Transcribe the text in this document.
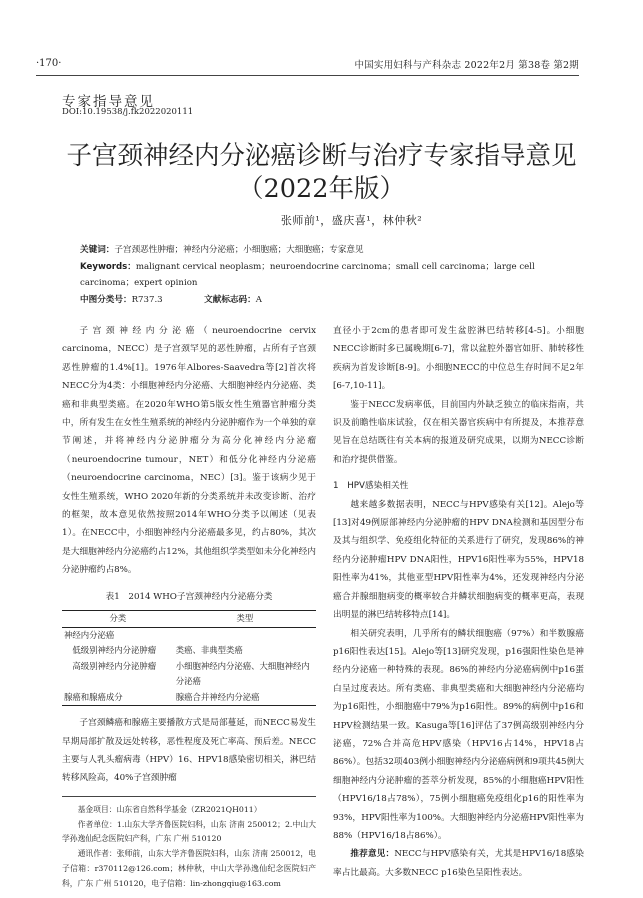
·170·	中国实用妇科与产科杂志 2022年2月 第38卷 第2期
专家指导意见
DOI:10.19538/j.fk2022020111
子宫颈神经内分泌癌诊断与治疗专家指导意见
（2022年版）
张师前¹，盛庆喜¹，林仲秋²
关键词：子宫颈恶性肿瘤；神经内分泌癌；小细胞癌；大细胞癌；专家意见
Keywords：malignant cervical neoplasm；neuroendocrine carcinoma；small cell carcinoma；large cell carcinoma；expert opinion
中图分类号：R737.3	文献标志码：A

子宫颈神经内分泌癌（neuroendocrine cervix carcinoma，NECC）是子宫颈罕见的恶性肿瘤，占所有子宫颈恶性肿瘤的1.4%[1]。1976年Albores-Saavedra等[2]首次将NECC分为4类：小细胞神经内分泌癌、大细胞神经内分泌癌、类癌和非典型类癌。在2020年WHO第5版女性生殖器官肿瘤分类中，所有发生在女性生殖系统的神经内分泌肿瘤作为一个单独的章节阐述，并将神经内分泌肿瘤分为高分化神经内分泌瘤（neuroendocrine tumour，NET）和低分化神经内分泌癌（neuroendocrine carcinoma，NEC）[3]。鉴于该病少见于女性生殖系统，WHO 2020年新的分类系统并未改变诊断、治疗的框架，故本意见依然按照2014年WHO分类予以阐述（见表1）。在NECC中，小细胞神经内分泌癌最多见，约占80%，其次是大细胞神经内分泌癌约占12%，其他组织学类型如未分化神经内分泌肿瘤约占8%。

表1　2014 WHO子宫颈神经内分泌癌分类
分类	类型
神经内分泌癌	
　低级别神经内分泌肿瘤	类癌、非典型类癌
　高级别神经内分泌肿瘤	小细胞神经内分泌癌、大细胞神经内分泌癌
腺癌和腺癌成分	腺癌合并神经内分泌癌

子宫颈鳞癌和腺癌主要播散方式是局部蔓延，而NECC易发生早期局部扩散及远处转移，恶性程度及死亡率高、预后差。NECC主要与人乳头瘤病毒（HPV）16、HPV18感染密切相关，淋巴结转移风险高，40%子宫颈肿瘤

基金项目：山东省自然科学基金（ZR2021QH011）
作者单位：1.山东大学齐鲁医院妇科，山东 济南 250012；2.中山大学孙逸仙纪念医院妇产科，广东 广州 510120
通讯作者：张师前，山东大学齐鲁医院妇科，山东 济南 250012，电子信箱：r370112@126.com；林仲秋，中山大学孙逸仙纪念医院妇产科，广东 广州 510120，电子信箱：lin-zhongqiu@163.com

直径小于2cm的患者即可发生盆腔淋巴结转移[4-5]。小细胞NECC诊断时多已属晚期[6-7]，常以盆腔外器官如肝、肺转移性疾病为首发诊断[8-9]。小细胞NECC的中位总生存时间不足2年[6-7,10-11]。

鉴于NECC发病率低，目前国内外缺乏独立的临床指南，共识及前瞻性临床试验，仅在相关器官疾病中有所提及，本推荐意见旨在总结既往有关本病的报道及研究成果，以期为NECC诊断和治疗提供借鉴。

1　HPV感染相关性

越来越多数据表明，NECC与HPV感染有关[12]。Alejo等[13]对49例原部神经内分泌肿瘤的HPV DNA检测和基因型分布及其与组织学、免疫组化特征的关系进行了研究，发现86%的神经内分泌肿瘤HPV DNA阳性，HPV16阳性率为55%，HPV18阳性率为41%，其他亚型HPV阳性率为4%，还发现神经内分泌癌合并腺细胞病变的概率较合并鳞状细胞病变的概率更高，表现出明显的淋巴结转移特点[14]。

相关研究表明，几乎所有的鳞状细胞癌（97%）和半数腺癌p16阳性表达[15]。Alejo等[13]研究发现，p16强阳性染色是神经内分泌癌一种特殊的表现。86%的神经内分泌癌病例中p16蛋白呈过度表达。所有类癌、非典型类癌和大细胞神经内分泌癌均为p16阳性，小细胞癌中79%为p16阳性。89%的病例中p16和HPV检测结果一致。Kasuga等[16]评估了37例高级别神经内分泌癌，72%合并高危HPV感染（HPV16占14%，HPV18占86%）。包括32项403例小细胞神经内分泌癌病例和9项共45例大细胞神经内分泌肿瘤的荟萃分析发现，85%的小细胞癌HPV阳性（HPV16/18占78%），75例小细胞癌免疫组化p16的阳性率为93%，HPV阳性率为100%。大细胞神经内分泌癌HPV阳性率为88%（HPV16/18占86%）。

推荐意见：NECC与HPV感染有关，尤其是HPV16/18感染率占比最高。大多数NECC p16染色呈阳性表达。
